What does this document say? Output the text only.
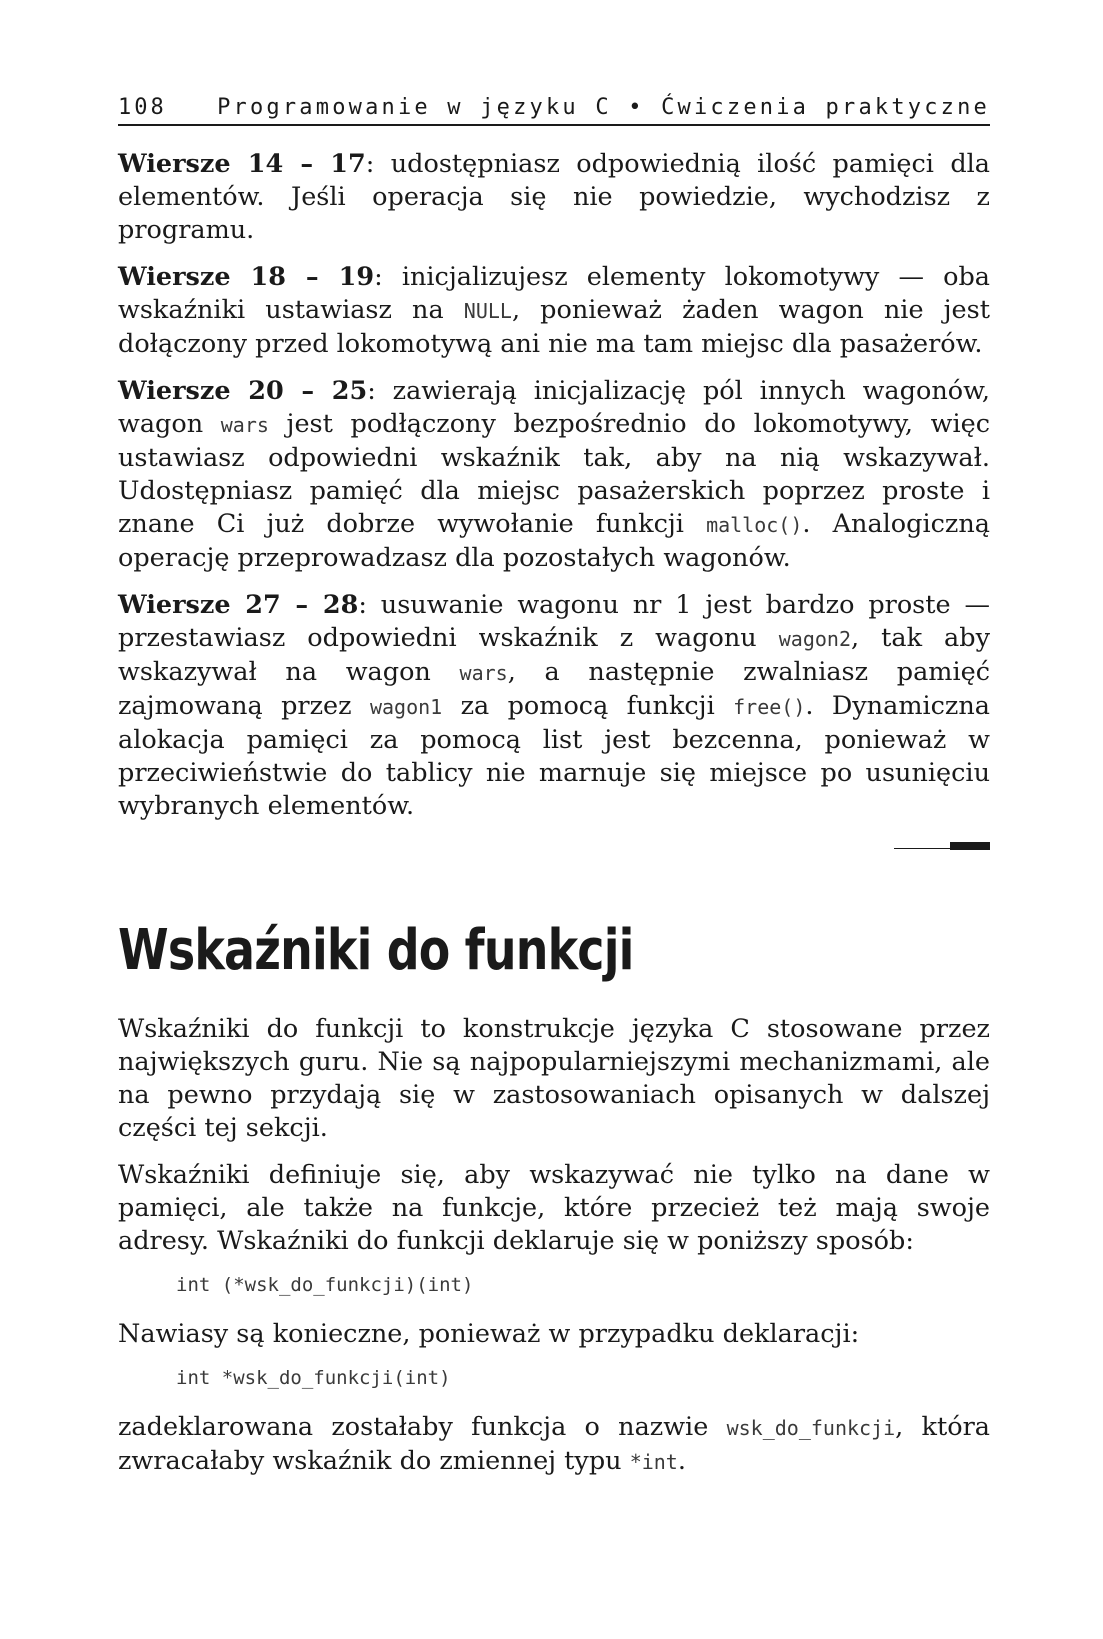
108 Programowanie w języku C • Ćwiczenia praktyczne

Wiersze 14 – 17: udostępniasz odpowiednią ilość pamięci dla elementów. Jeśli operacja się nie powiedzie, wychodzisz z programu.

Wiersze 18 – 19: inicjalizujesz elementy lokomotywy — oba wskaźniki ustawiasz na NULL, ponieważ żaden wagon nie jest dołączony przed lokomotywą ani nie ma tam miejsc dla pasażerów.

Wiersze 20 – 25: zawierają inicjalizację pól innych wagonów, wagon wars jest podłączony bezpośrednio do lokomotywy, więc ustawiasz odpowiedni wskaźnik tak, aby na nią wskazywał. Udostępniasz pamięć dla miejsc pasażerskich poprzez proste i znane Ci już dobrze wywołanie funkcji malloc(). Analogiczną operację przeprowadzasz dla pozostałych wagonów.

Wiersze 27 – 28: usuwanie wagonu nr 1 jest bardzo proste — przestawiasz odpowiedni wskaźnik z wagonu wagon2, tak aby wskazywał na wagon wars, a następnie zwalniasz pamięć zajmowaną przez wagon1 za pomocą funkcji free(). Dynamiczna alokacja pamięci za pomocą list jest bezcenna, ponieważ w przeciwieństwie do tablicy nie marnuje się miejsce po usunięciu wybranych elementów.

Wskaźniki do funkcji

Wskaźniki do funkcji to konstrukcje języka C stosowane przez największych guru. Nie są najpopularniejszymi mechanizmami, ale na pewno przydają się w zastosowaniach opisanych w dalszej części tej sekcji.

Wskaźniki definiuje się, aby wskazywać nie tylko na dane w pamięci, ale także na funkcje, które przecież też mają swoje adresy. Wskaźniki do funkcji deklaruje się w poniższy sposób:

int (*wsk_do_funkcji)(int)

Nawiasy są konieczne, ponieważ w przypadku deklaracji:

int *wsk_do_funkcji(int)

zadeklarowana zostałaby funkcja o nazwie wsk_do_funkcji, która zwracałaby wskaźnik do zmiennej typu *int.
